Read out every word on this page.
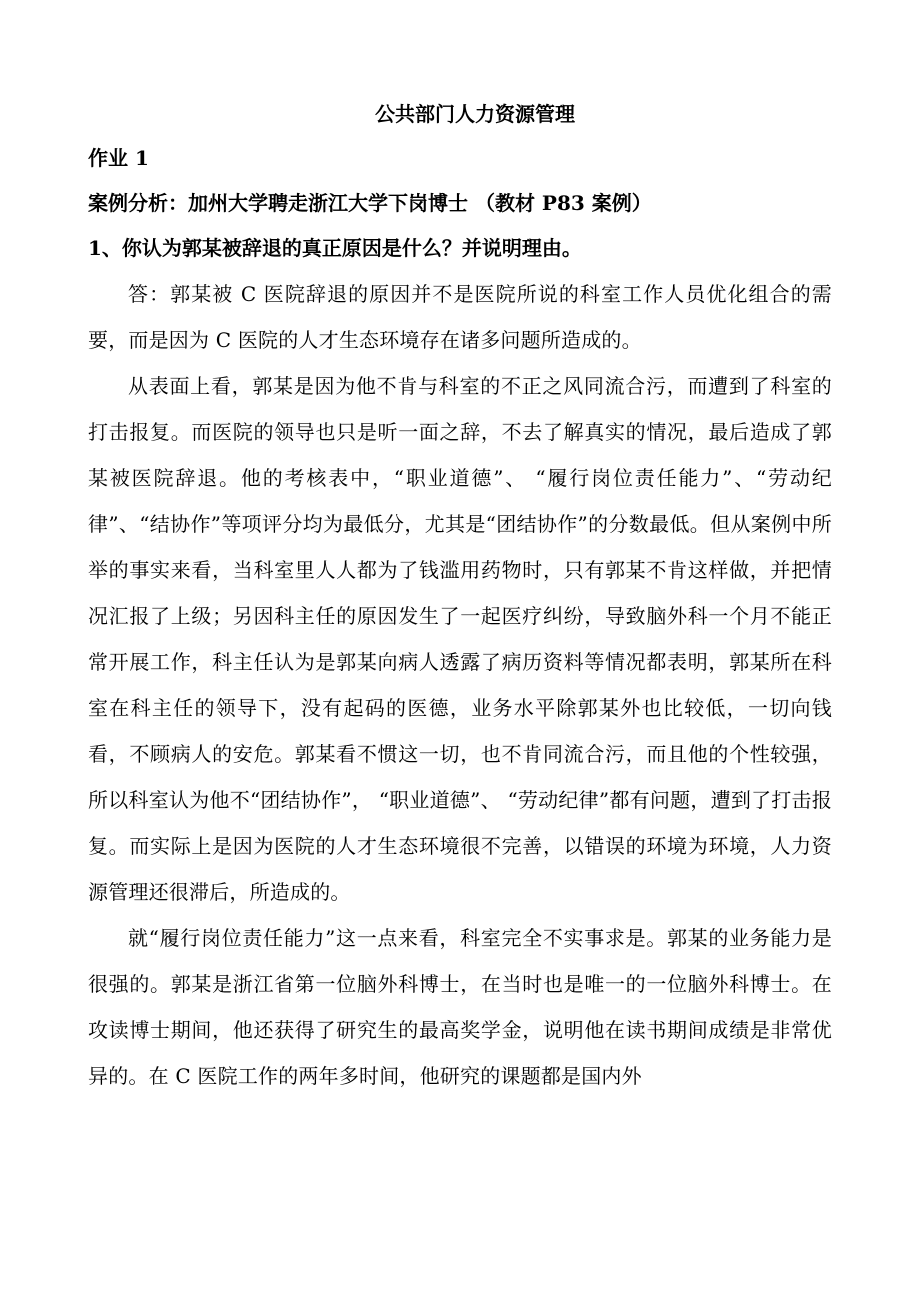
公共部门人力资源管理
作业 1
案例分析：加州大学聘走浙江大学下岗博士 （教材 P83 案例）
1、你认为郭某被辞退的真正原因是什么？并说明理由。

答：郭某被 C 医院辞退的原因并不是医院所说的科室工作人员优化组合的需要，而是因为 C 医院的人才生态环境存在诸多问题所造成的。

从表面上看，郭某是因为他不肯与科室的不正之风同流合污，而遭到了科室的打击报复。而医院的领导也只是听一面之辞，不去了解真实的情况，最后造成了郭某被医院辞退。他的考核表中，“职业道德”、 “履行岗位责任能力”、“劳动纪律”、“结协作”等项评分均为最低分，尤其是“团结协作”的分数最低。但从案例中所举的事实来看，当科室里人人都为了钱滥用药物时，只有郭某不肯这样做，并把情况汇报了上级；另因科主任的原因发生了一起医疗纠纷，导致脑外科一个月不能正常开展工作，科主任认为是郭某向病人透露了病历资料等情况都表明，郭某所在科室在科主任的领导下，没有起码的医德，业务水平除郭某外也比较低，一切向钱看，不顾病人的安危。郭某看不惯这一切，也不肯同流合污，而且他的个性较强，所以科室认为他不“团结协作”， “职业道德”、 “劳动纪律”都有问题，遭到了打击报复。而实际上是因为医院的人才生态环境很不完善，以错误的环境为环境，人力资源管理还很滞后，所造成的。

就“履行岗位责任能力”这一点来看，科室完全不实事求是。郭某的业务能力是很强的。郭某是浙江省第一位脑外科博士，在当时也是唯一的一位脑外科博士。在攻读博士期间，他还获得了研究生的最高奖学金，说明他在读书期间成绩是非常优异的。在 C 医院工作的两年多时间，他研究的课题都是国内外
